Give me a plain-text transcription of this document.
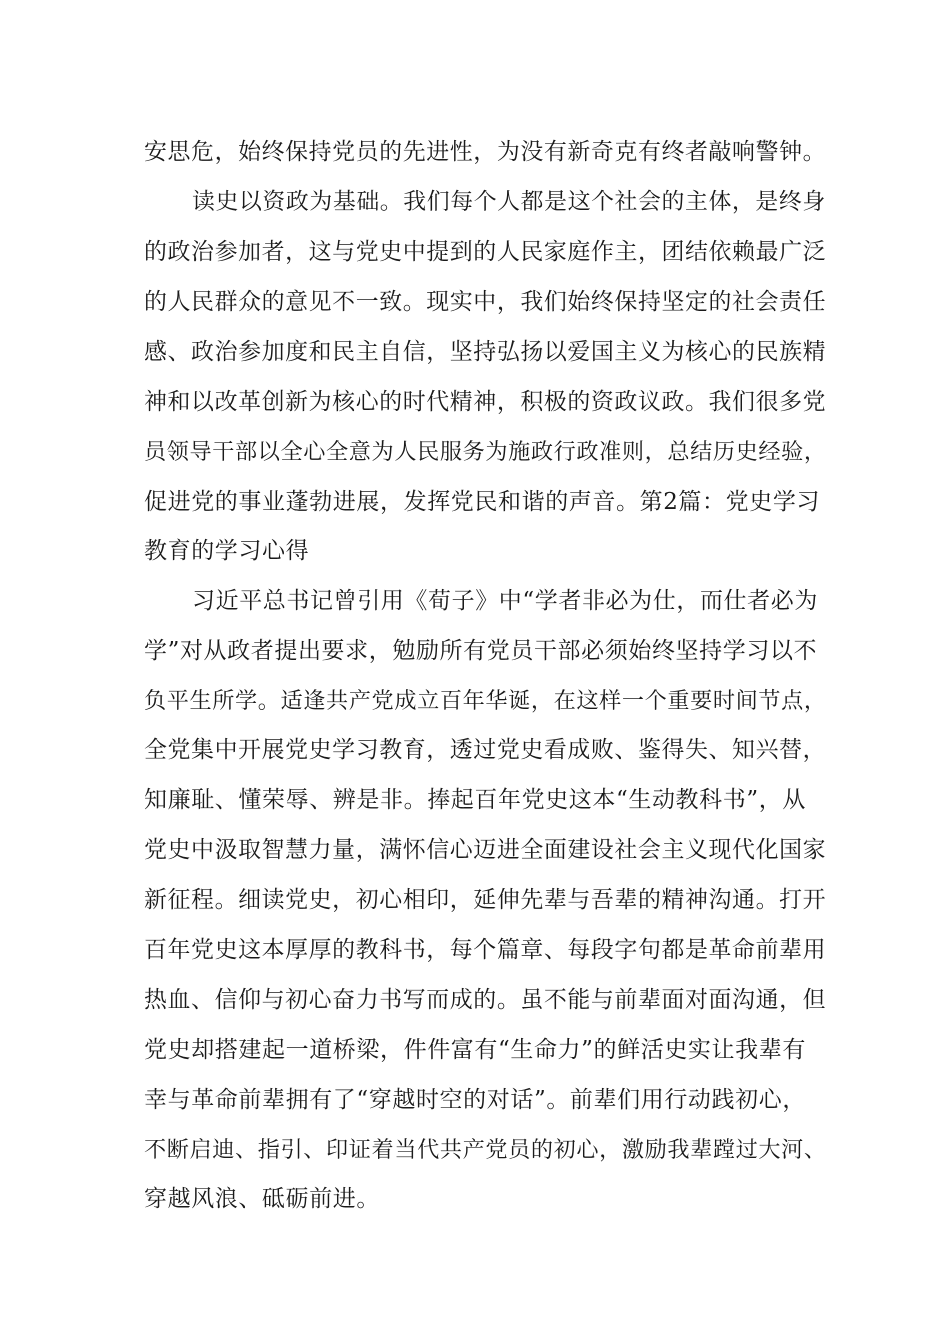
安思危，始终保持党员的先进性，为没有新奇克有终者敲响警钟。

读史以资政为基础。我们每个人都是这个社会的主体，是终身

的政治参加者，这与党史中提到的人民家庭作主，团结依赖最广泛

的人民群众的意见不一致。现实中，我们始终保持坚定的社会责任

感、政治参加度和民主自信，坚持弘扬以爱国主义为核心的民族精

神和以改革创新为核心的时代精神，积极的资政议政。我们很多党

员领导干部以全心全意为人民服务为施政行政准则，总结历史经验，

促进党的事业蓬勃进展，发挥党民和谐的声音。第2篇：党史学习

教育的学习心得

习近平总书记曾引用《荀子》中“学者非必为仕，而仕者必为

学”对从政者提出要求，勉励所有党员干部必须始终坚持学习以不

负平生所学。适逢共产党成立百年华诞，在这样一个重要时间节点，

全党集中开展党史学习教育，透过党史看成败、鉴得失、知兴替，

知廉耻、懂荣辱、辨是非。捧起百年党史这本“生动教科书”，从

党史中汲取智慧力量，满怀信心迈进全面建设社会主义现代化国家

新征程。细读党史，初心相印，延伸先辈与吾辈的精神沟通。打开

百年党史这本厚厚的教科书，每个篇章、每段字句都是革命前辈用

热血、信仰与初心奋力书写而成的。虽不能与前辈面对面沟通，但

党史却搭建起一道桥梁，件件富有“生命力”的鲜活史实让我辈有

幸与革命前辈拥有了“穿越时空的对话”。前辈们用行动践初心，

不断启迪、指引、印证着当代共产党员的初心，激励我辈蹚过大河、

穿越风浪、砥砺前进。
